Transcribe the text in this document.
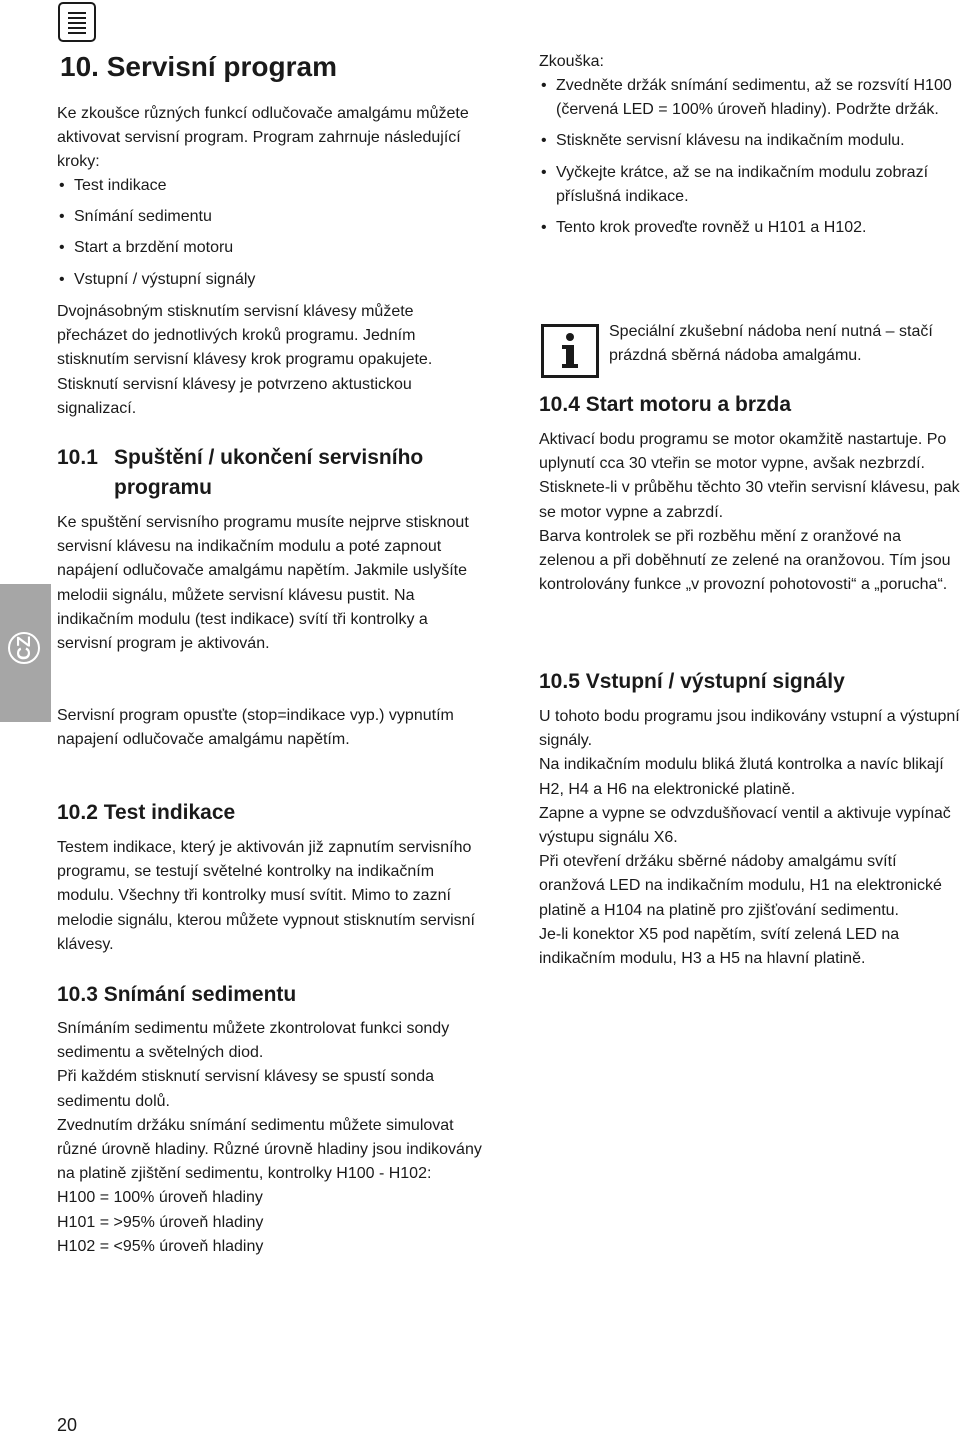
CZ
10. Servisní program

Ke zkoušce různých funkcí odlučovače amalgámu můžete aktivovat servisní program. Program zahrnuje následující kroky:

• Test indikace
• Snímání sedimentu
• Start a brzdění motoru
• Vstupní / výstupní signály

Dvojnásobným stisknutím servisní klávesy můžete přecházet do jednotlivých kroků programu. Jedním stisknutím servisní klávesy krok programu opakujete. Stisknutí servisní klávesy je potvrzeno aktustickou signalizací.

10.1 Spuštění / ukončení servisního programu

Ke spuštění servisního programu musíte nejprve stisknout servisní klávesu na indikačním modulu a poté zapnout napájení odlučovače amalgámu napětím. Jakmile uslyšíte melodii signálu, můžete servisní klávesu pustit. Na indikačním modulu (test indikace) svítí tři kontrolky a servisní program je aktivován.

Servisní program opusťte (stop=indikace vyp.) vypnutím napajení odlučovače amalgámu napětím.

10.2 Test indikace

Testem indikace, který je aktivován již zapnutím servisního programu, se testují světelné kontrolky na indikačním modulu. Všechny tři kontrolky musí svítit. Mimo to zazní melodie signálu, kterou můžete vypnout stisknutím servisní klávesy.

10.3 Snímání sedimentu

Snímáním sedimentu můžete zkontrolovat funkci sondy sedimentu a světelných diod.

Při každém stisknutí servisní klávesy se spustí sonda sedimentu dolů.

Zvednutím držáku snímání sedimentu můžete simulovat různé úrovně hladiny. Různé úrovně hladiny jsou indikovány na platině zjištění sedimentu, kontrolky H100 - H102:

H100 = 100% úroveň hladiny

H101 = >95% úroveň hladiny

H102 = <95% úroveň hladiny

Zkouška:

• Zvedněte držák snímání sedimentu, až se rozsvítí H100 (červená LED = 100% úroveň hladiny). Podržte držák.
• Stiskněte servisní klávesu na indikačním modulu.
• Vyčkejte krátce, až se na indikačním modulu zobrazí příslušná indikace.
• Tento krok proveďte rovněž u H101 a H102.

Speciální zkušební nádoba není nutná – stačí prázdná sběrná nádoba amalgámu.

10.4 Start motoru a brzda

Aktivací bodu programu se motor okamžitě nastartuje. Po uplynutí cca 30 vteřin se motor vypne, avšak nezbrzdí. Stisknete-li v průběhu těchto 30 vteřin servisní klávesu, pak se motor vypne a zabrzdí.

Barva kontrolek se při rozběhu mění z oranžové na zelenou a při doběhnutí ze zelené na oranžovou. Tím jsou kontrolovány funkce „v provozní pohotovosti“ a „porucha“.

10.5 Vstupní / výstupní signály

U tohoto bodu programu jsou indikovány vstupní a výstupní signály.

Na indikačním modulu bliká žlutá kontrolka a navíc blikají H2, H4 a H6 na elektronické platině.

Zapne a vypne se odvzdušňovací ventil a aktivuje vypínač výstupu signálu X6.

Při otevření držáku sběrné nádoby amalgámu svítí oranžová LED na indikačním modulu, H1 na elektronické platině a H104 na platině pro zjišťování sedimentu.

Je-li konektor X5 pod napětím, svítí zelená LED na indikačním modulu, H3 a H5 na hlavní platině.

20
